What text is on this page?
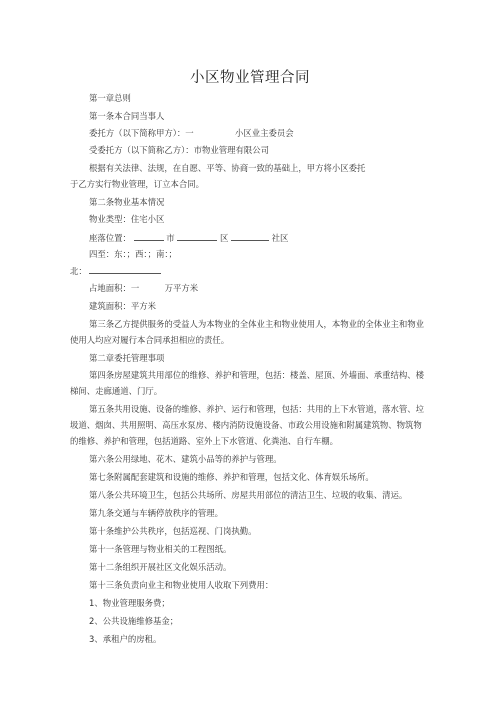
小区物业管理合同
第一章总则
第一条本合同当事人
委托方（以下简称甲方）：一	小区业主委员会
受委托方（以下简称乙方）：市物业管理有限公司
根据有关法律、法规，在自愿、平等、协商一致的基础上，甲方将小区委托
于乙方实行物业管理，订立本合同。
第二条物业基本情况
物业类型：住宅小区
座落位置：	市	区	社区
四至：东：；西：；南：；
北：
占地面积：一	万平方米
建筑面积：平方米
第三条乙方提供服务的受益人为本物业的全体业主和物业使用人，本物业的全体业主和物业
使用人均应对履行本合同承担相应的责任。
第二章委托管理事项
第四条房屋建筑共用部位的维修、养护和管理，包括：楼盖、屋顶、外墙面、承重结构、楼
梯间、走廊通道、门厅。
第五条共用设施、设备的维修、养护、运行和管理，包括：共用的上下水管道，落水管、垃
圾道、烟囱、共用照明、高压水泵房、楼内消防设施设备、市政公用设施和附属建筑物、物筑物
的维修、养护和管理，包括道路、室外上下水管道、化粪池、自行车棚。
第六条公用绿地、花木、建筑小品等的养护与管理。
第七条附属配套建筑和设施的维修、养护和管理，包括文化、体育娱乐场所。
第八条公共环境卫生，包括公共场所、房屋共用部位的清洁卫生、垃圾的收集、清运。
第九条交通与车辆停放秩序的管理。
第十条维护公共秩序，包括巡视、门岗执勤。
第十一条管理与物业相关的工程图纸。
第十二条组织开展社区文化娱乐活动。
第十三条负责向业主和物业使用人收取下列费用：
1、物业管理服务费；
2、公共设施维修基金；
3、承租户的房租。
